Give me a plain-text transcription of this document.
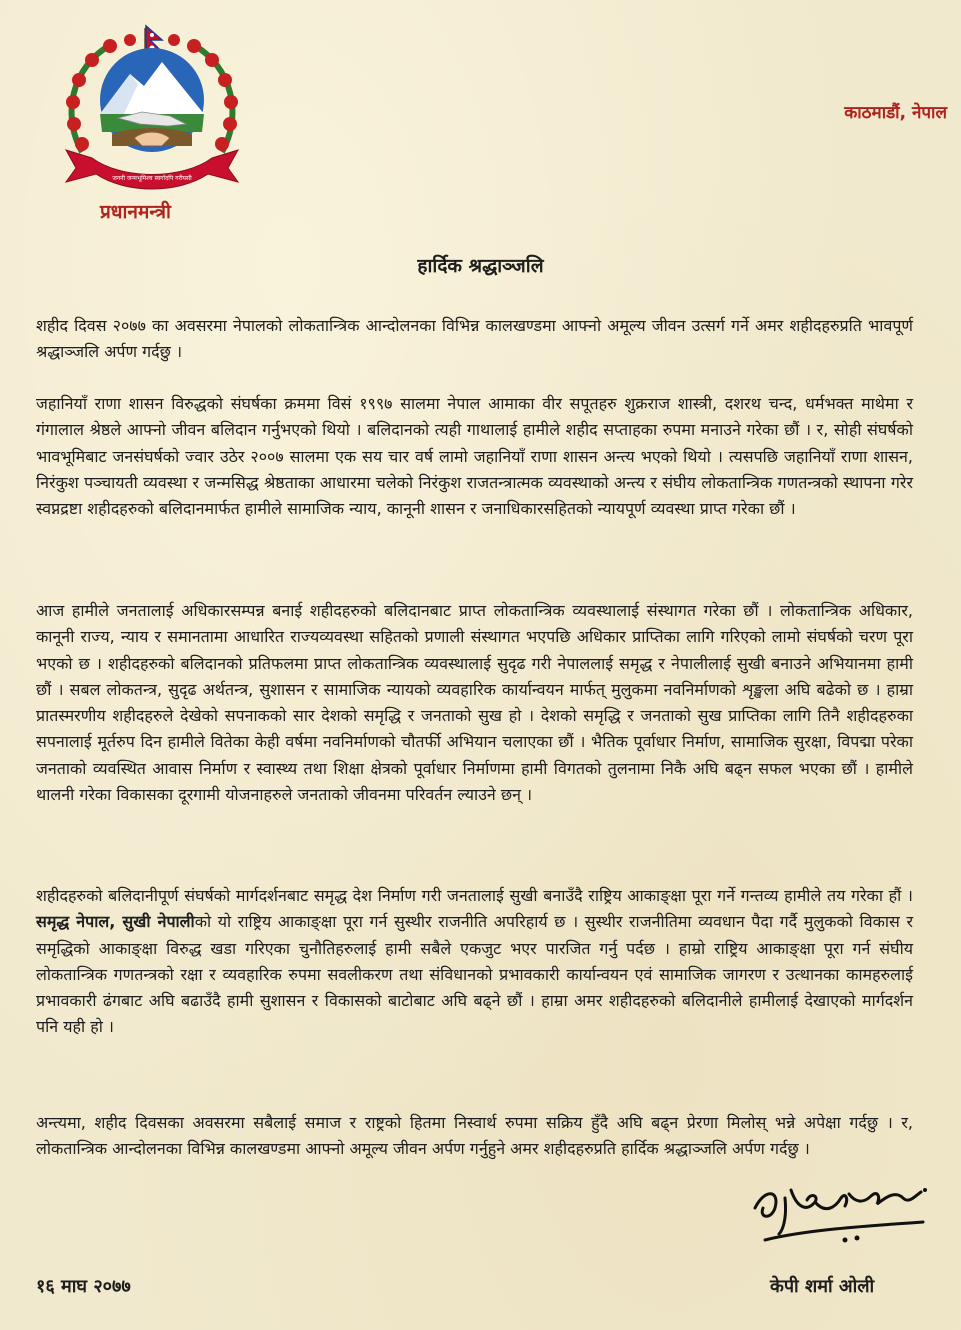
जननी जन्मभूमिश्च स्वर्गादपि गरीयसी
प्रधानमन्त्री
काठमाडौं, नेपाल
हार्दिक श्रद्धाञ्जलि
शहीद दिवस २०७७ का अवसरमा नेपालको लोकतान्त्रिक आन्दोलनका विभिन्न कालखण्डमा आफ्नो अमूल्य जीवन उत्सर्ग गर्ने अमर शहीदहरुप्रति भावपूर्ण श्रद्धाञ्जलि अर्पण गर्दछु ।
जहानियाँ राणा शासन विरुद्धको संघर्षका क्रममा विसं १९९७ सालमा नेपाल आमाका वीर सपूतहरु शुक्रराज शास्त्री, दशरथ चन्द, धर्मभक्त माथेमा र गंगालाल श्रेष्ठले आफ्नो जीवन बलिदान गर्नुभएको थियो । बलिदानको त्यही गाथालाई हामीले शहीद सप्ताहका रुपमा मनाउने गरेका छौं । र, सोही संघर्षको भावभूमिबाट जनसंघर्षको ज्वार उठेर २००७ सालमा एक सय चार वर्ष लामो जहानियाँ राणा शासन अन्त्य भएको थियो । त्यसपछि जहानियाँ राणा शासन, निरंकुश पञ्चायती व्यवस्था र जन्मसिद्ध श्रेष्ठताका आधारमा चलेको निरंकुश राजतन्त्रात्मक व्यवस्थाको अन्त्य र संघीय लोकतान्त्रिक गणतन्त्रको स्थापना गरेर स्वप्नद्रष्टा शहीदहरुको बलिदानमार्फत हामीले सामाजिक न्याय, कानूनी शासन र जनाधिकारसहितको न्यायपूर्ण व्यवस्था प्राप्त गरेका छौं ।
आज हामीले जनतालाई अधिकारसम्पन्न बनाई शहीदहरुको बलिदानबाट प्राप्त लोकतान्त्रिक व्यवस्थालाई संस्थागत गरेका छौं । लोकतान्त्रिक अधिकार, कानूनी राज्य, न्याय र समानतामा आधारित राज्यव्यवस्था सहितको प्रणाली संस्थागत भएपछि अधिकार प्राप्तिका लागि गरिएको लामो संघर्षको चरण पूरा भएको छ । शहीदहरुको बलिदानको प्रतिफलमा प्राप्त लोकतान्त्रिक व्यवस्थालाई सुदृढ गरी नेपाललाई समृद्ध र नेपालीलाई सुखी बनाउने अभियानमा हामी छौं । सबल लोकतन्त्र, सुदृढ अर्थतन्त्र, सुशासन र सामाजिक न्यायको व्यवहारिक कार्यान्वयन मार्फत् मुलुकमा नवनिर्माणको शृङ्खला अघि बढेको छ । हाम्रा प्रातस्मरणीय शहीदहरुले देखेको सपनाकको सार देशको समृद्धि र जनताको सुख हो । देशको समृद्धि र जनताको सुख प्राप्तिका लागि तिनै शहीदहरुका सपनालाई मूर्तरुप दिन हामीले वितेका केही वर्षमा नवनिर्माणको चौतर्फी अभियान चलाएका छौं । भैतिक पूर्वाधार निर्माण, सामाजिक सुरक्षा, विपद्मा परेका जनताको व्यवस्थित आवास निर्माण र स्वास्थ्य तथा शिक्षा क्षेत्रको पूर्वाधार निर्माणमा हामी विगतको तुलनामा निकै अघि बढ्न सफल भएका छौं । हामीले थालनी गरेका विकासका दूरगामी योजनाहरुले जनताको जीवनमा परिवर्तन ल्याउने छन् ।
शहीदहरुको बलिदानीपूर्ण संघर्षको मार्गदर्शनबाट समृद्ध देश निर्माण गरी जनतालाई सुखी बनाउँदै राष्ट्रिय आकाङ्क्षा पूरा गर्ने गन्तव्य हामीले तय गरेका हौं । समृद्ध नेपाल, सुखी नेपालीको यो राष्ट्रिय आकाङ्क्षा पूरा गर्न सुस्थीर राजनीति अपरिहार्य छ । सुस्थीर राजनीतिमा व्यवधान पैदा गर्दै मुलुकको विकास र समृद्धिको आकाङ्क्षा विरुद्ध खडा गरिएका चुनौतिहरुलाई हामी सबैले एकजुट भएर पारजित गर्नु पर्दछ । हाम्रो राष्ट्रिय आकाङ्क्षा पूरा गर्न संघीय लोकतान्त्रिक गणतन्त्रको रक्षा र व्यवहारिक रुपमा सवलीकरण तथा संविधानको प्रभावकारी कार्यान्वयन एवं सामाजिक जागरण र उत्थानका कामहरुलाई प्रभावकारी ढंगबाट अघि बढाउँदै हामी सुशासन र विकासको बाटोबाट अघि बढ्ने छौं । हाम्रा अमर शहीदहरुको बलिदानीले हामीलाई देखाएको मार्गदर्शन पनि यही हो ।
अन्त्यमा, शहीद दिवसका अवसरमा सबैलाई समाज र राष्ट्रको हितमा निस्वार्थ रुपमा सक्रिय हुँदै अघि बढ्न प्रेरणा मिलोस् भन्ने अपेक्षा गर्दछु । र, लोकतान्त्रिक आन्दोलनका विभिन्न कालखण्डमा आफ्नो अमूल्य जीवन अर्पण गर्नुहुने अमर शहीदहरुप्रति हार्दिक श्रद्धाञ्जलि अर्पण गर्दछु ।
१६ माघ २०७७	केपी शर्मा ओली
